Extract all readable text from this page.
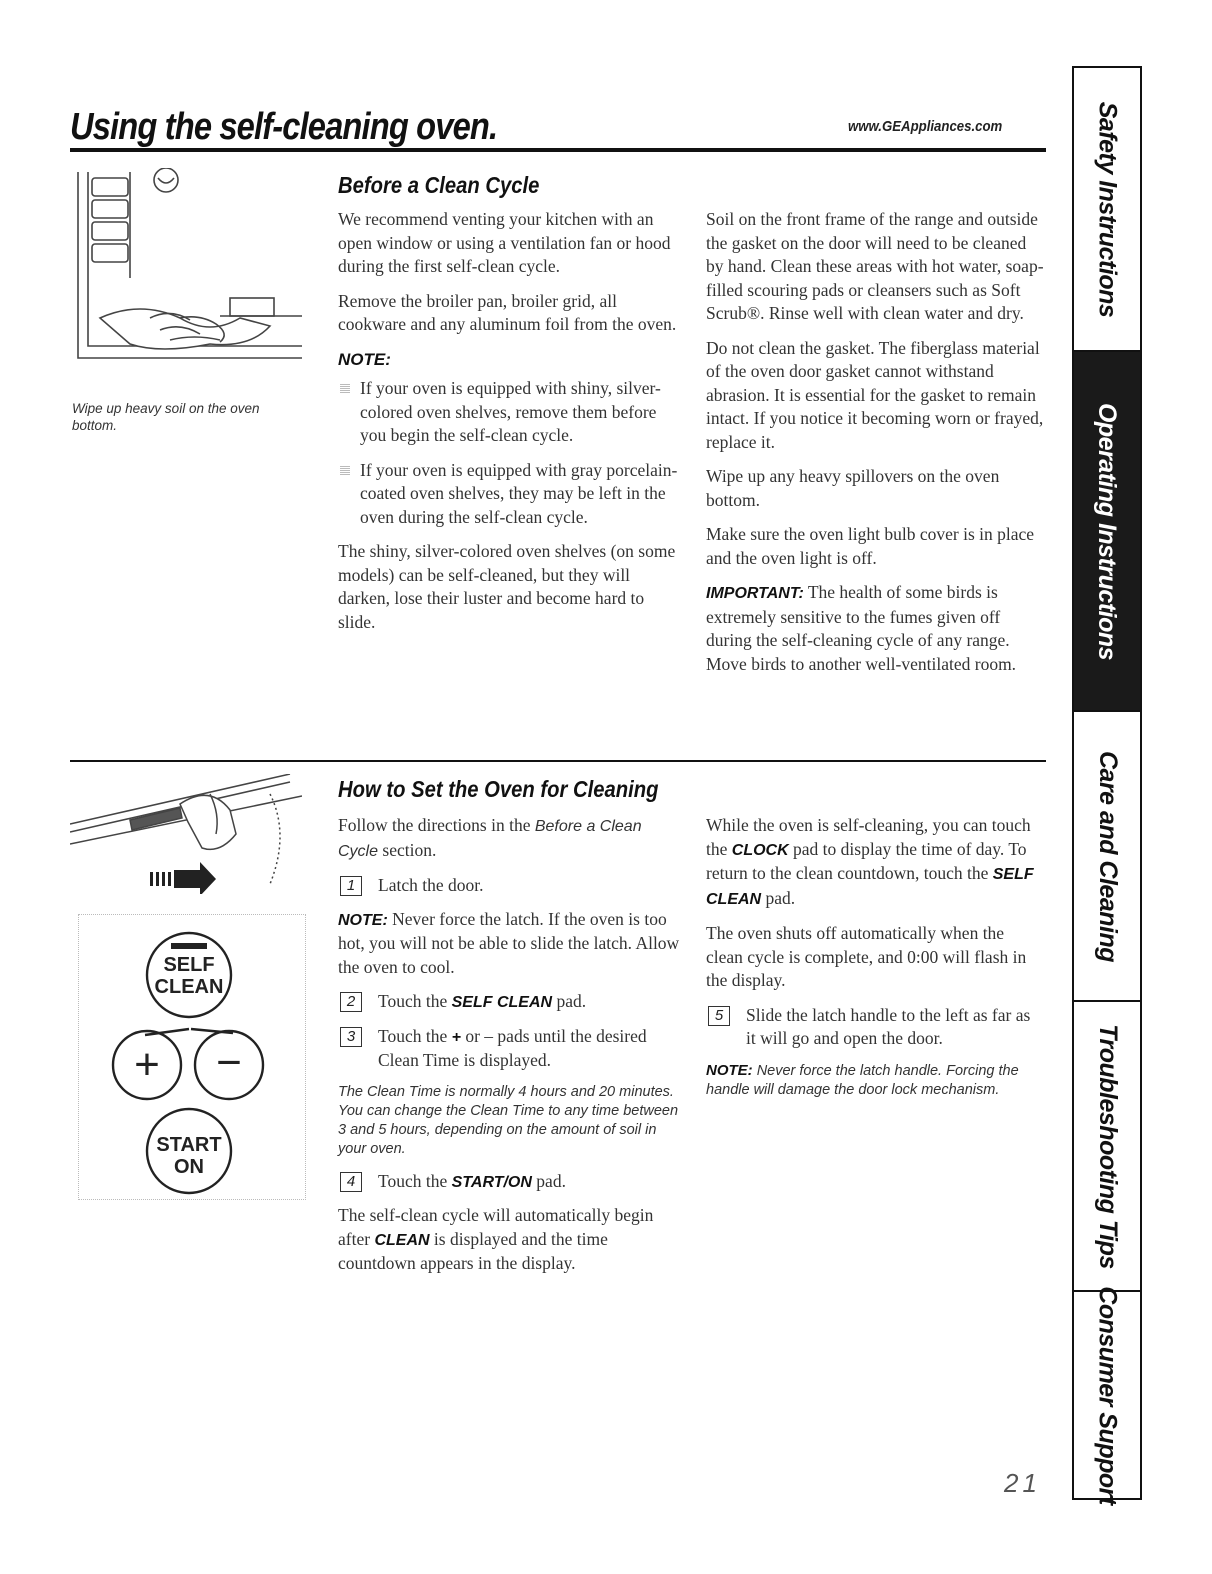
Using the self-cleaning oven.	www.GEAppliances.com
Wipe up heavy soil on the oven bottom.
Before a Clean Cycle

We recommend venting your kitchen with an open window or using a ventilation fan or hood during the first self-clean cycle.

Remove the broiler pan, broiler grid, all cookware and any aluminum foil from the oven.

NOTE:
If your oven is equipped with shiny, silver-colored oven shelves, remove them before you begin the self-clean cycle.
If your oven is equipped with gray porcelain-coated oven shelves, they may be left in the oven during the self-clean cycle.

The shiny, silver-colored oven shelves (on some models) can be self-cleaned, but they will darken, lose their luster and become hard to slide.

Soil on the front frame of the range and outside the gasket on the door will need to be cleaned by hand. Clean these areas with hot water, soap-filled scouring pads or cleansers such as Soft Scrub®. Rinse well with clean water and dry.

Do not clean the gasket. The fiberglass material of the oven door gasket cannot withstand abrasion. It is essential for the gasket to remain intact. If you notice it becoming worn or frayed, replace it.

Wipe up any heavy spillovers on the oven bottom.

Make sure the oven light bulb cover is in place and the oven light is off.

IMPORTANT: The health of some birds is extremely sensitive to the fumes given off during the self-cleaning cycle of any range. Move birds to another well-ventilated room.

SELF
CLEAN
+ −
START
ON
How to Set the Oven for Cleaning

Follow the directions in the Before a Clean Cycle section.

1	Latch the door.

NOTE: Never force the latch. If the oven is too hot, you will not be able to slide the latch. Allow the oven to cool.

2	Touch the SELF CLEAN pad.
3	Touch the + or – pads until the desired Clean Time is displayed.

The Clean Time is normally 4 hours and 20 minutes. You can change the Clean Time to any time between 3 and 5 hours, depending on the amount of soil in your oven.

4	Touch the START/ON pad.

The self-clean cycle will automatically begin after CLEAN is displayed and the time countdown appears in the display.

While the oven is self-cleaning, you can touch the CLOCK pad to display the time of day. To return to the clean countdown, touch the SELF CLEAN pad.

The oven shuts off automatically when the clean cycle is complete, and 0:00 will flash in the display.

5	Slide the latch handle to the left as far as it will go and open the door.

NOTE: Never force the latch handle. Forcing the handle will damage the door lock mechanism.

21
Safety Instructions
Operating Instructions
Care and Cleaning
Troubleshooting Tips
Consumer Support
